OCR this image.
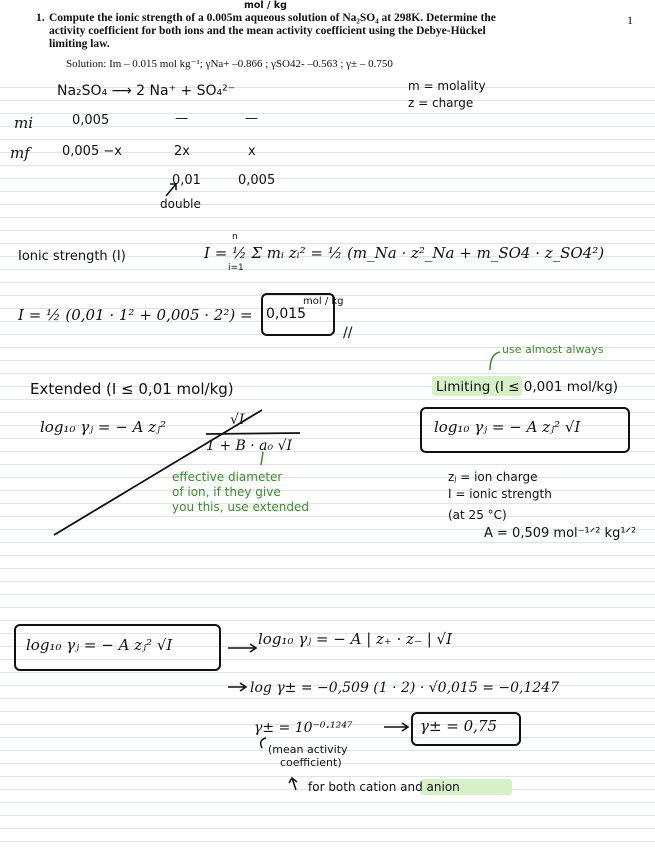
1. Compute the ionic strength of a 0.005m aqueous solution of Na₂SO₄ at 298K. Determine the activity coefficient for both ions and the mean activity coefficient using the Debye-Hückel limiting law.
1
Solution: Im – 0.015 mol kg⁻¹; γNa+ –0.866 ; γSO42- –0.563 ; γ± – 0.750
mol / kg
m = molality
z = charge
Na₂SO₄ ⟶ 2 Na⁺ + SO₄²⁻
mi	0,005	—	—
mf 0,005 −x	2x	x
0,01	0,005
double
Ionic strength (I)
n
i=1
I = ½ Σ mᵢ zᵢ² = ½ (m_Na · z²_Na + m_SO4 · z_SO4²)
I = ½ (0,01 · 1² + 0,005 · 2²) = 0,015
mol / kg
//
Extended (I ≤ 0,01 mol/kg)
log₁₀ γⱼ = − A zⱼ²	√I
1 + B · a₀ √I
effective diameter
of ion, if they give
you this, use extended
use almost always
Limiting (I ≤ 0,001 mol/kg)
log₁₀ γⱼ = − A zⱼ² √I
zⱼ = ion charge
I = ionic strength
(at 25 °C)
A = 0,509 mol⁻¹ᐟ² kg¹ᐟ²
log₁₀ γⱼ = − A zⱼ² √I	log₁₀ γⱼ = − A | z₊ · z₋ | √I
log γ± = −0,509 (1 · 2) · √0,015 = −0,1247
γ± = 10⁻⁰·¹²⁴⁷	γ± = 0,75
(mean activity
coefficient)
for both cation and anion
